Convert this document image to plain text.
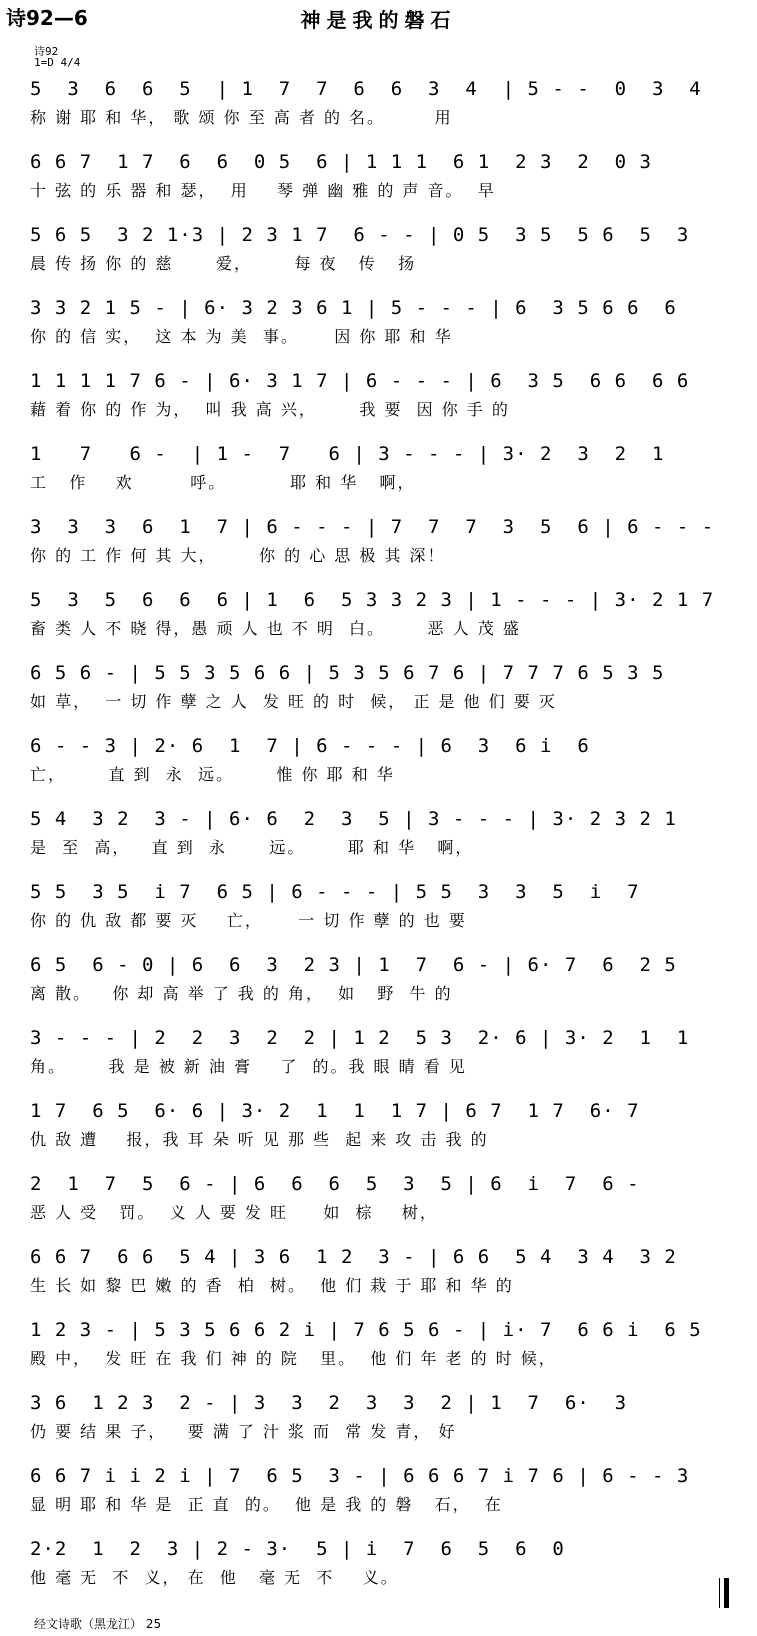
诗92—6	神是我的磐石
诗92
1=D 4/4
5  3  6  6  5  | 1  7  7  6  6  3  4  | 5 - -  0  3  4
称 谢 耶 和 华， 歌 颂 你 至 高 者 的 名。       用
6 6 7  1 7  6  6  0 5  6 | 1 1 1  6 1  2 3  2  0 3
十 弦 的 乐 器 和 瑟，  用    琴 弹 幽 雅 的 声 音。  早
5 6 5  3 2 1·3 | 2 3 1 7  6 - - | 0 5  3 5  5 6  5  3
晨 传 扬 你 的 慈      爱，      每 夜   传   扬
3 3 2 1 5 - | 6· 3 2 3 6 1 | 5 - - - | 6  3 5 6 6  6
你 的 信 实，  这 本 为 美  事。     因 你 耶 和 华
1 1 1 1 7 6 - | 6· 3 1 7 | 6 - - - | 6  3 5  6 6  6 6
藉 着 你 的 作 为，  叫 我 高 兴，      我 要  因 你 手 的
1   7   6 -  | 1 -  7   6 | 3 - - - | 3· 2  3  2  1
工   作    欢        呼。         耶 和 华   啊，
3  3  3  6  1  7 | 6 - - - | 7  7  7  3  5  6 | 6 - - -
你 的 工 作 何 其 大，      你 的 心 思 极 其 深！
5  3  5  6  6  6 | 1  6  5 3 3 2 3 | 1 - - - | 3· 2 1 7
畜 类 人 不 晓 得，愚 顽 人 也 不 明  白。      恶 人 茂 盛
6 5 6 - | 5 5 3 5 6 6 | 5 3 5 6 7 6 | 7 7 7 6 5 3 5
如 草，  一 切 作 孽 之 人  发 旺 的 时  候， 正 是 他 们 要 灭
6 - - 3 | 2· 6  1  7 | 6 - - - | 6  3  6 i  6
亡，      直 到  永  远。      惟 你 耶 和 华
5 4  3 2  3 - | 6· 6  2  3  5 | 3 - - - | 3· 2 3 2 1
是  至  高，   直 到  永      远。      耶 和 华   啊，
5 5  3 5  i 7  6 5 | 6 - - - | 5 5  3  3  5  i  7
你 的 仇 敌 都 要 灭    亡，     一 切 作 孽 的 也 要
6 5  6 - 0 | 6  6  3  2 3 | 1  7  6 - | 6· 7  6  2 5
离 散。   你 却 高 举 了 我 的 角，  如   野  牛 的
3 - - - | 2  2  3  2  2 | 1 2  5 3  2· 6 | 3· 2  1  1
角。      我 是 被 新 油 膏    了  的。我 眼 睛 看 见
1 7  6 5  6· 6 | 3· 2  1  1  1 7 | 6 7  1 7  6· 7
仇 敌 遭    报，我 耳 朵 听 见 那 些  起 来 攻 击 我 的
2  1  7  5  6 - | 6  6  6  5  3  5 | 6  i  7  6 -
恶 人 受   罚。  义 人 要 发 旺     如  棕    树，
6 6 7  6 6  5 4 | 3 6  1 2  3 - | 6 6  5 4  3 4  3 2
生 长 如 黎 巴 嫩 的 香  柏  树。  他 们 栽 于 耶 和 华 的
1 2 3 - | 5 3 5 6 6 2 i | 7 6 5 6 - | i· 7  6 6 i  6 5
殿 中，  发 旺 在 我 们 神 的 院   里。  他 们 年 老 的 时 候，
3 6  1 2 3  2 - | 3  3  2  3  3  2 | 1  7  6·  3
仍 要 结 果 子，   要 满 了 汁 浆 而  常 发 青， 好
6 6 7 i i 2 i | 7  6 5  3 - | 6 6 6 7 i 7 6 | 6 - - 3
显 明 耶 和 华 是  正 直  的。  他 是 我 的 磐   石，  在
2·2  1  2  3 | 2 - 3·  5 | i  7  6  5  6  0
他 毫 无  不  义， 在  他   毫 无  不    义。
经文诗歌（黑龙江） 25
